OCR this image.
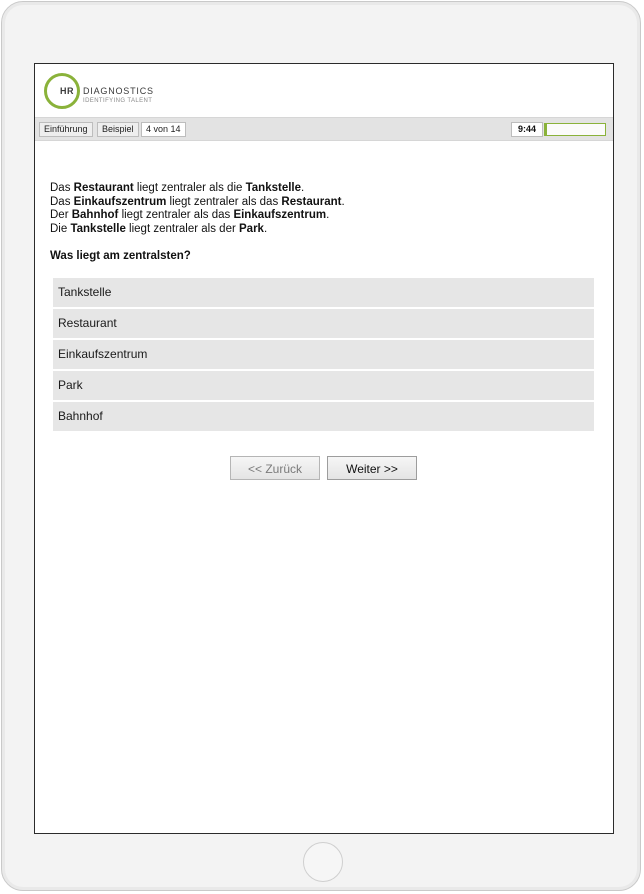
HR DIAGNOSTICS
IDENTIFYING TALENT
Einführung	Beispiel	4 von 14	9:44

Das Restaurant liegt zentraler als die Tankstelle.

Das Einkaufszentrum liegt zentraler als das Restaurant.

Der Bahnhof liegt zentraler als das Einkaufszentrum.

Die Tankstelle liegt zentraler als der Park.

Was liegt am zentralsten?
Tankstelle
Restaurant
Einkaufszentrum
Park
Bahnhof
<< Zurück	Weiter >>
